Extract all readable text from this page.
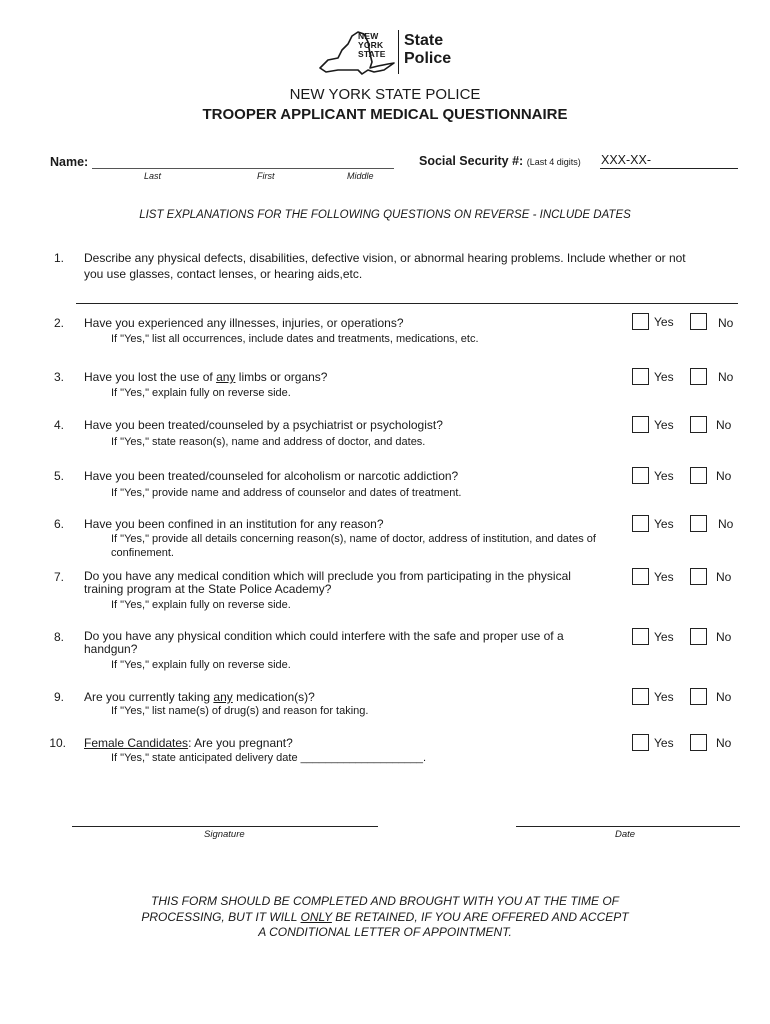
NEW
YORK
STATE
State
Police
NEW YORK STATE POLICE
TROOPER APPLICANT MEDICAL QUESTIONNAIRE
Name:
Last	First	Middle
Social Security #: (Last 4 digits) XXX-XX-
LIST EXPLANATIONS FOR THE FOLLOWING QUESTIONS ON REVERSE - INCLUDE DATES
1. Describe any physical defects, disabilities, defective vision, or abnormal hearing problems. Include whether or not you use glasses, contact lenses, or hearing aids,etc.
2. Have you experienced any illnesses, injuries, or operations?
If "Yes," list all occurrences, include dates and treatments, medications, etc.
Yes	No
3. Have you lost the use of any limbs or organs?
If "Yes," explain fully on reverse side.
Yes	No
4. Have you been treated/counseled by a psychiatrist or psychologist?
If "Yes," state reason(s), name and address of doctor, and dates.
Yes	No
5. Have you been treated/counseled for alcoholism or narcotic addiction?
If "Yes," provide name and address of counselor and dates of treatment.
Yes	No
6. Have you been confined in an institution for any reason?
If "Yes," provide all details concerning reason(s), name of doctor, address of institution, and dates of confinement.
Yes	No
7. Do you have any medical condition which will preclude you from participating in the physical training program at the State Police Academy?
If "Yes," explain fully on reverse side.
Yes	No
8. Do you have any physical condition which could interfere with the safe and proper use of a handgun?
If "Yes," explain fully on reverse side.
Yes	No
9. Are you currently taking any medication(s)?
If "Yes," list name(s) of drug(s) and reason for taking.
Yes	No
10. Female Candidates: Are you pregnant?
If "Yes," state anticipated delivery date ____________________.
Yes	No
Signature	Date
THIS FORM SHOULD BE COMPLETED AND BROUGHT WITH YOU AT THE TIME OF
PROCESSING, BUT IT WILL ONLY BE RETAINED, IF YOU ARE OFFERED AND ACCEPT
A CONDITIONAL LETTER OF APPOINTMENT.
